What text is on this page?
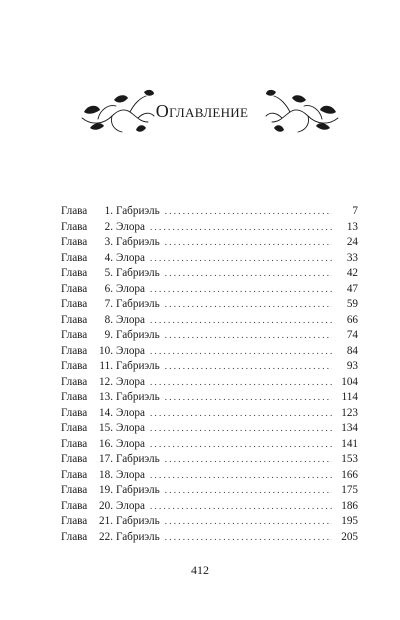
Оглавление
Глава	1. Габриэль . . .	7
Глава	2. Элора . . .	13
Глава	3. Габриэль . . .	24
Глава	4. Элора . . .	33
Глава	5. Габриэль . . .	42
Глава	6. Элора . . .	47
Глава	7. Габриэль . . .	59
Глава	8. Элора . . .	66
Глава	9. Габриэль . . .	74
Глава	10. Элора . . .	84
Глава	11. Габриэль . . .	93
Глава	12. Элора . . .	104
Глава	13. Габриэль . . .	114
Глава	14. Элора . . .	123
Глава	15. Элора . . .	134
Глава	16. Элора . . .	141
Глава	17. Габриэль . . .	153
Глава	18. Элора . . .	166
Глава	19. Габриэль . . .	175
Глава	20. Элора . . .	186
Глава	21. Габриэль . . .	195
Глава	22. Габриэль . . .	205
412
